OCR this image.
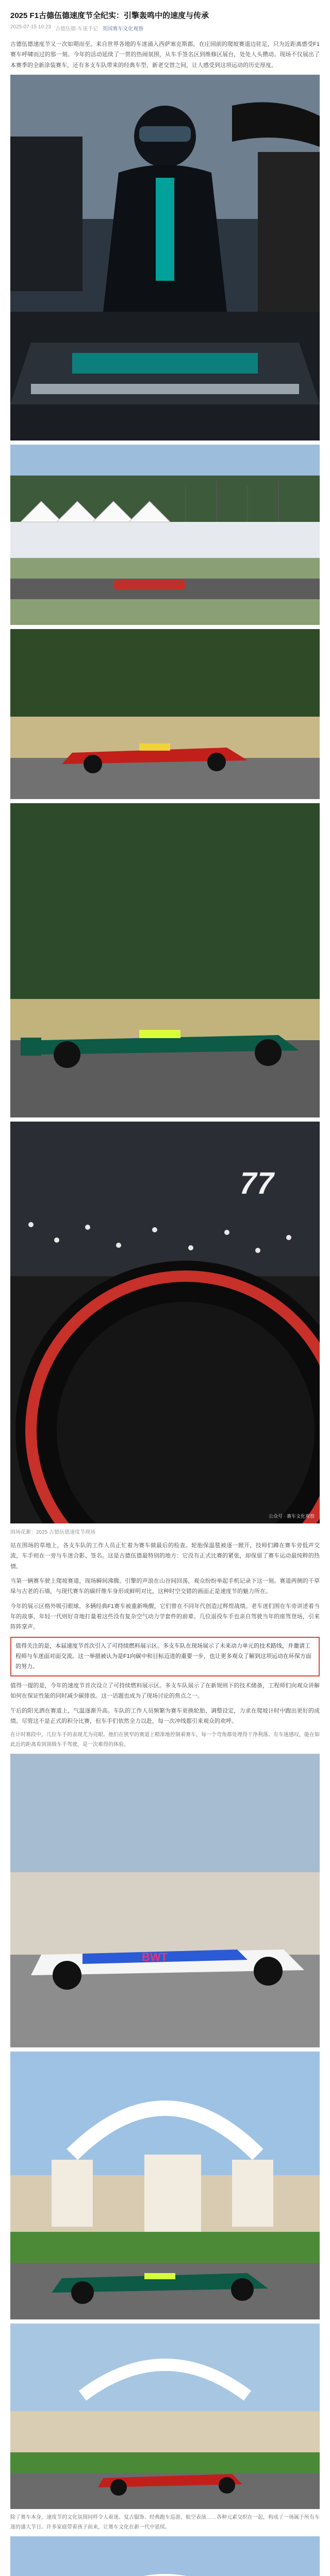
2025 F1古德伍德速度节全纪实：引擎轰鸣中的速度与传承
2025-07-15 10:23 古德伍德·车迷手记 英国赛车文化观察

古德伍德速度节又一次如期而至。来自世界各地的车迷涌入西萨塞克斯郡，在庄园前的爬坡赛道边驻足，只为近距离感受F1赛车呼啸而过的那一刻。今年的活动延续了一贯的热闹氛围，从车手签名区到维修区展台，处处人头攒动。现场不仅展出了本赛季的全新涂装赛车，还有多支车队带来的经典车型，新老交替之间，让人感受到这项运动的历史厚度。

77
公众号 · 赛车文化观察

围场花絮：2025 古德伍德速度节现场

站在围场的草地上，各支车队的工作人员正忙着为赛车做最后的检查。轮胎保温毯被逐一掀开，技师们蹲在赛车旁低声交流，车手则在一旁与车迷合影、签名。这是古德伍德最特别的地方：它没有正式比赛的紧张，却保留了赛车运动最纯粹的热情。

当第一辆赛车驶上爬坡赛道，现场瞬间沸腾。引擎的声浪在山谷间回荡，观众纷纷举起手机记录下这一刻。赛道两侧的干草垛与古老的石墙，与现代赛车的碳纤维车身形成鲜明对比，这种时空交错的画面正是速度节的魅力所在。

今年的展示区格外吸引眼球。多辆经典F1赛车被重新唤醒，它们曾在不同年代创造过辉煌战绩。老车迷们围在车旁讲述着当年的故事，年轻一代则好奇地打量着这些没有复杂空气动力学套件的前辈。几位退役车手也亲自驾驶当年的座驾登场，引来阵阵掌声。

值得关注的是，本届速度节首次引入了可持续燃料展示区。多支车队在现场展示了未来动力单元的技术路线，并邀请工程师与车迷面对面交流。这一举措被认为是F1向碳中和目标迈进的重要一步，也让更多观众了解到这项运动在环保方面的努力。

值得一提的是，今年的速度节首次设立了可持续燃料展示区。多支车队展示了在新规则下的技术储备，工程师们向观众讲解如何在保证性能的同时减少碳排放。这一话题也成为了现场讨论的焦点之一。

午后的阳光洒在赛道上，气温逐渐升高。车队的工作人员频繁为赛车更换轮胎、调整设定，力求在爬坡计时中跑出更好的成绩。尽管这不是正式的积分比赛，但车手们依然全力以赴，每一次冲线都引来观众的欢呼。

在计时赛段中，几位车手的表现尤为亮眼。他们在狭窄的赛道上精准地控制着赛车，每一个弯角都处理得干净利落。有车迷感叹，能在如此近的距离看到顶级车手驾驶，是一次难得的体验。

BWT

除了赛车本身，速度节的文化氛围同样令人着迷。复古服饰、经典跑车巡游、航空表演……各种元素交织在一起，构成了一场属于所有车迷的盛大节日。许多家庭带着孩子前来，让赛车文化在新一代中延续。
